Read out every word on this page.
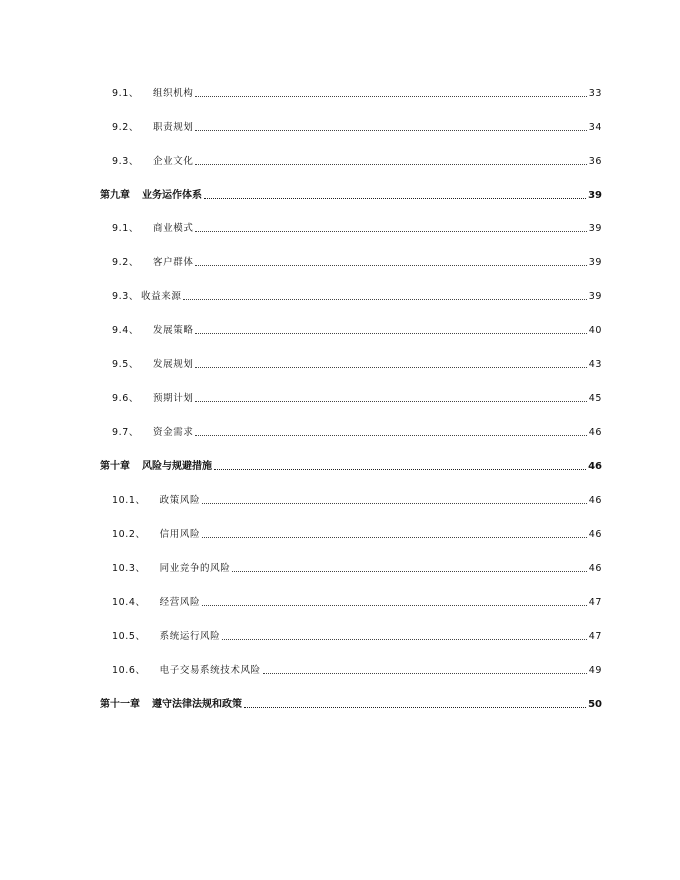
9.1、 组织机构	33
9.2、 职责规划	34
9.3、 企业文化	36
第九章 业务运作体系	39
9.1、 商业模式	39
9.2、 客户群体	39
9.3、 收益来源	39
9.4、 发展策略	40
9.5、 发展规划	43
9.6、 预期计划	45
9.7、 资金需求	46
第十章 风险与规避措施	46
10.1、 政策风险	46
10.2、 信用风险	46
10.3、 同业竞争的风险	46
10.4、 经营风险	47
10.5、 系统运行风险	47
10.6、 电子交易系统技术风险	49
第十一章 遵守法律法规和政策	50
